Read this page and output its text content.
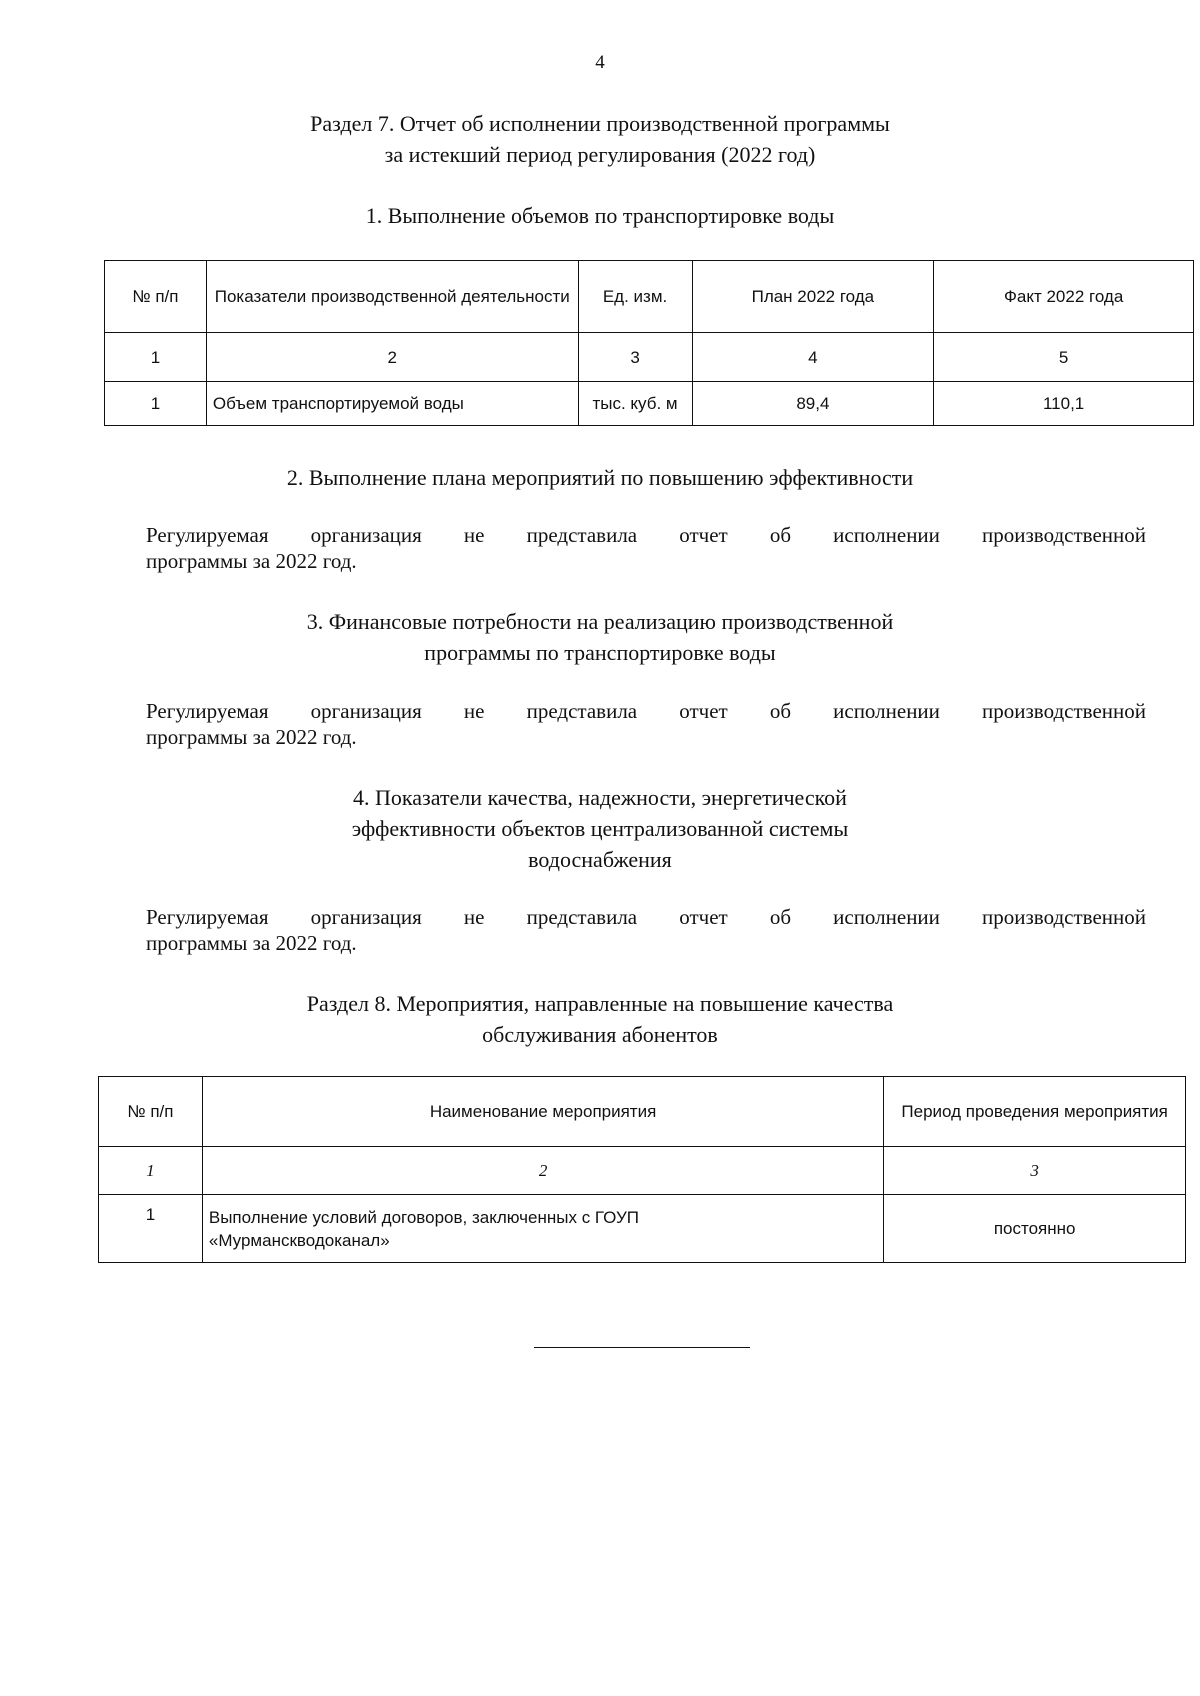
4
Раздел 7. Отчет об исполнении производственной программы
за истекший период регулирования (2022 год)
1. Выполнение объемов по транспортировке воды
№ п/п	Показатели производственной деятельности	Ед. изм.	План 2022 года	Факт 2022 года
1	2	3	4	5
1	Объем транспортируемой воды	тыс. куб. м	89,4	110,1
2. Выполнение плана мероприятий по повышению эффективности
Регулируемая организация не представила отчет об исполнении производственной
программы за 2022 год.
3. Финансовые потребности на реализацию производственной
программы по транспортировке воды
Регулируемая организация не представила отчет об исполнении производственной
программы за 2022 год.
4. Показатели качества, надежности, энергетической
эффективности объектов централизованной системы
водоснабжения
Регулируемая организация не представила отчет об исполнении производственной
программы за 2022 год.
Раздел 8. Мероприятия, направленные на повышение качества
обслуживания абонентов
№ п/п	Наименование мероприятия	Период проведения мероприятия
1	2	3
1	Выполнение условий договоров, заключенных с ГОУП «Мурманскводоканал»	постоянно
